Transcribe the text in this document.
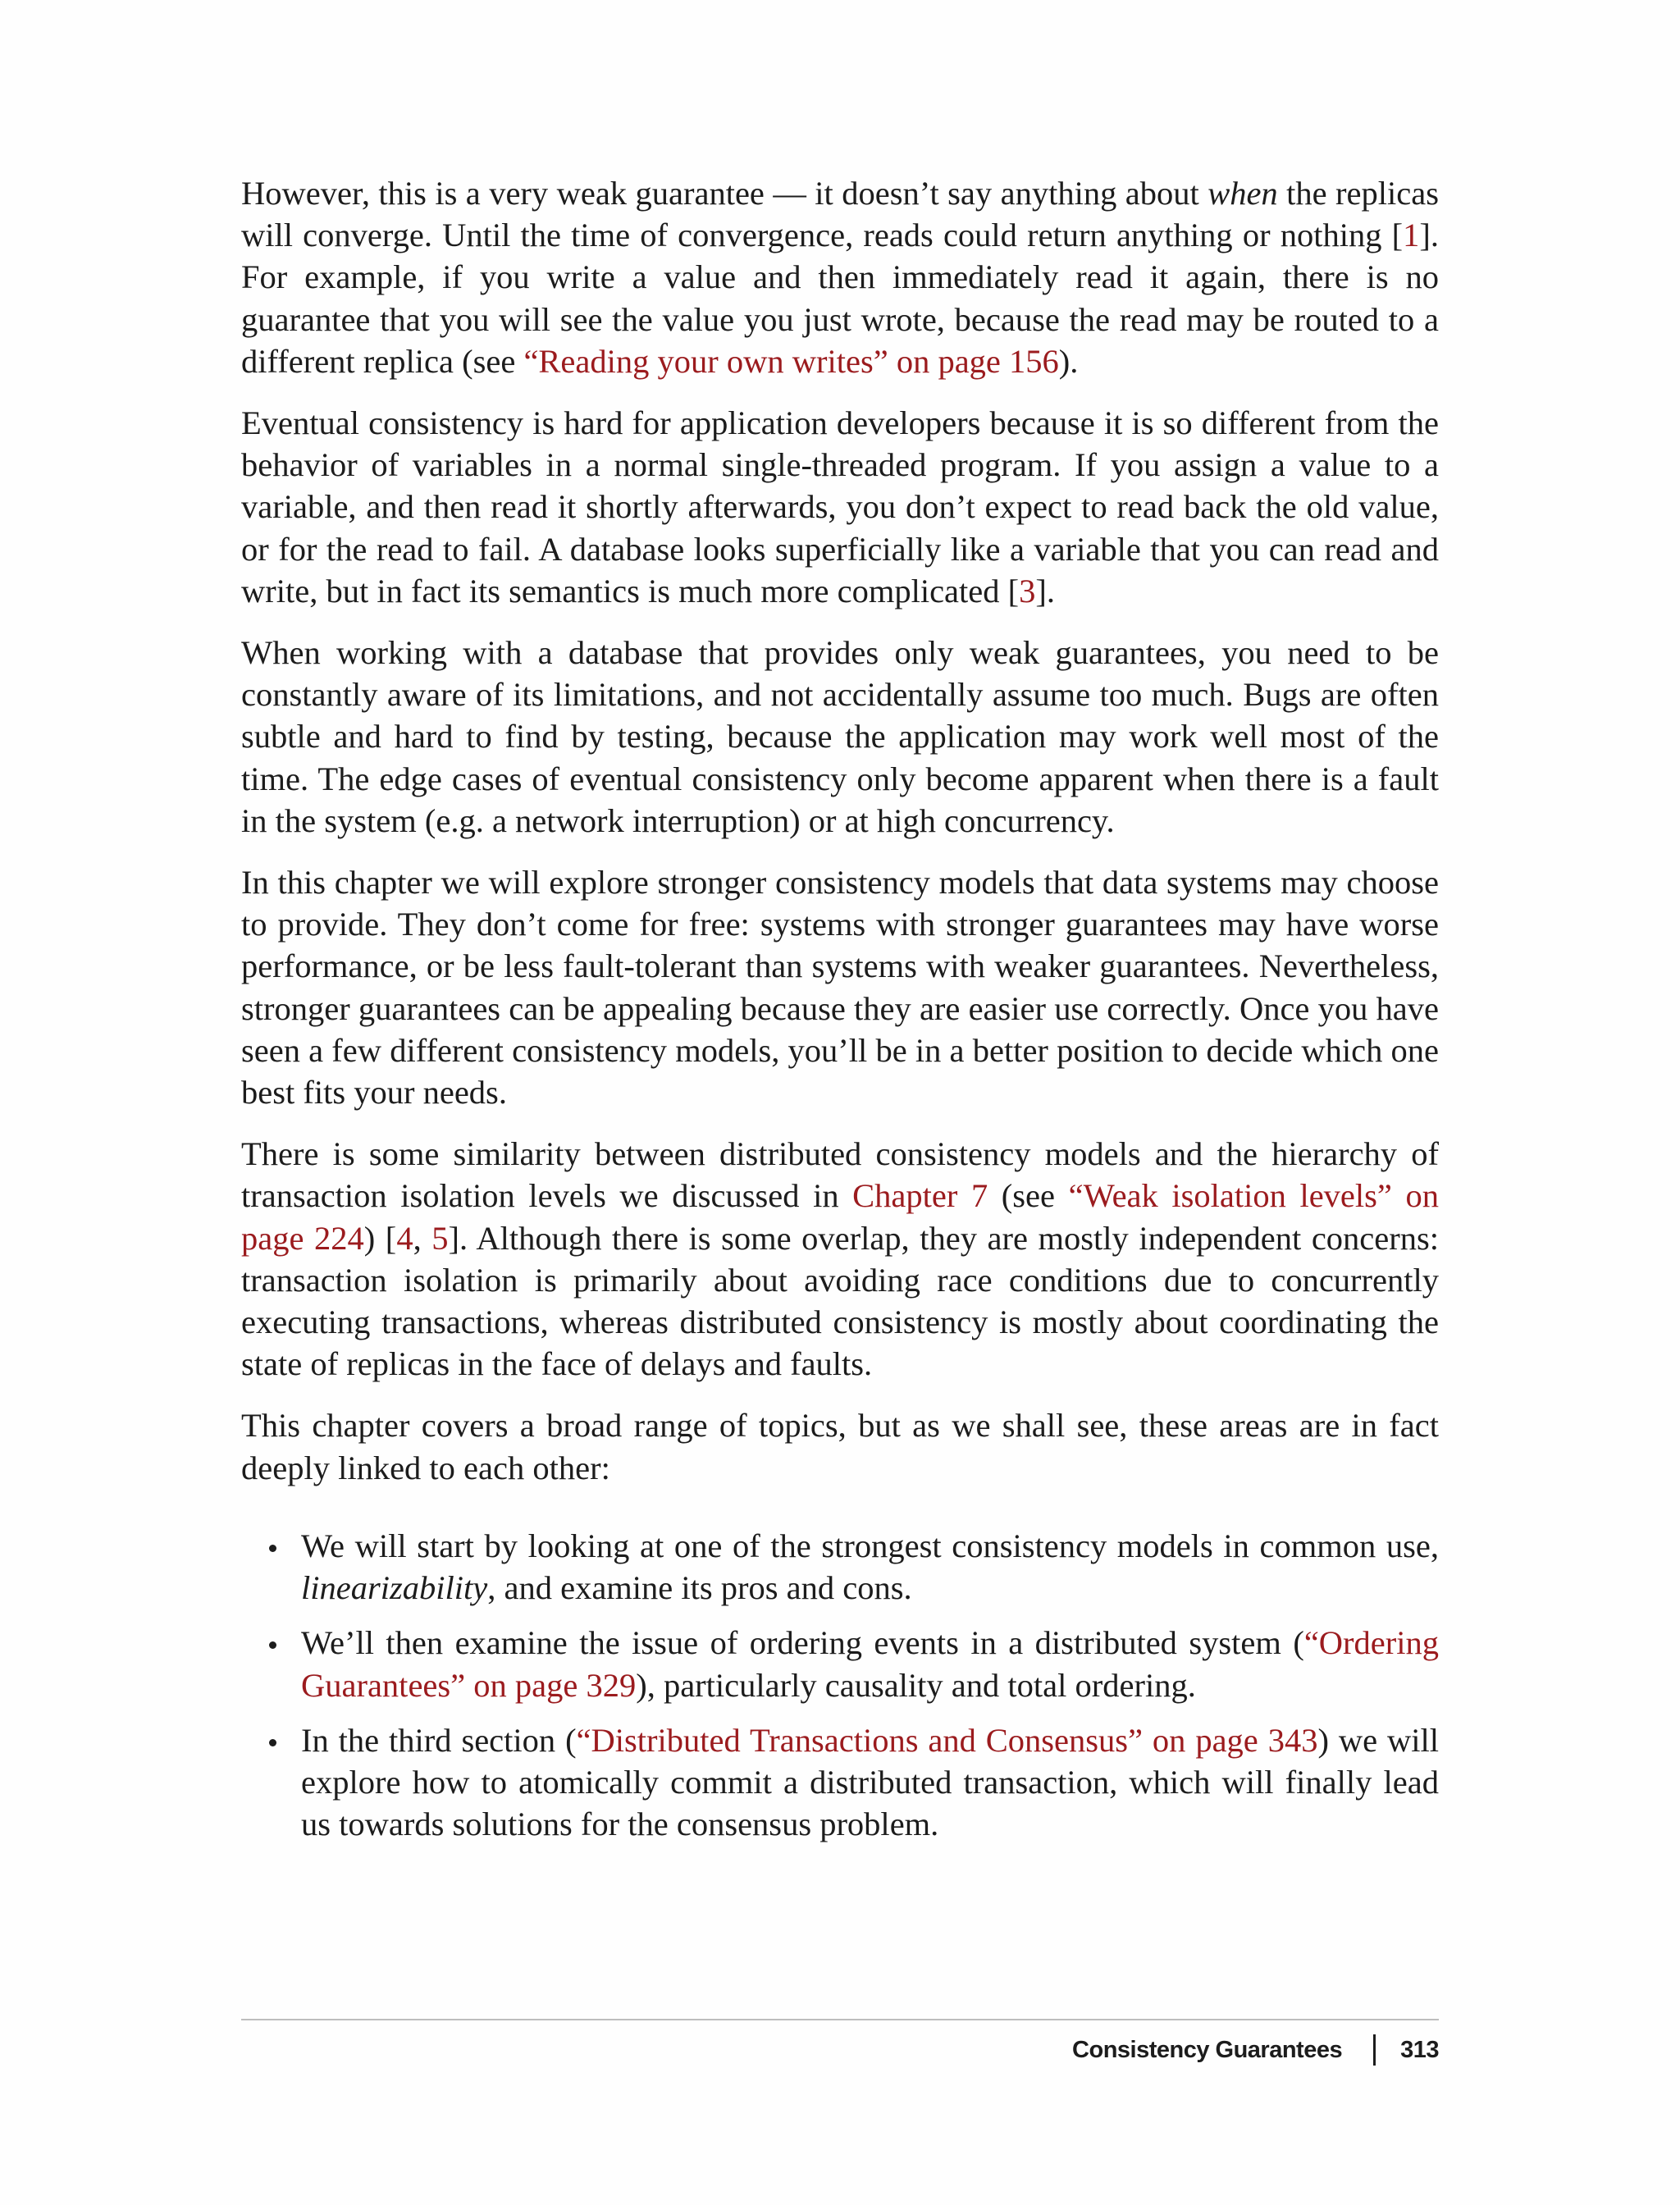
However, this is a very weak guarantee — it doesn’t say anything about when the replicas will converge. Until the time of convergence, reads could return anything or nothing [1]. For example, if you write a value and then immediately read it again, there is no guarantee that you will see the value you just wrote, because the read may be routed to a different replica (see “Reading your own writes” on page 156).

Eventual consistency is hard for application developers because it is so different from the behavior of variables in a normal single-threaded program. If you assign a value to a variable, and then read it shortly afterwards, you don’t expect to read back the old value, or for the read to fail. A database looks superficially like a variable that you can read and write, but in fact its semantics is much more complicated [3].

When working with a database that provides only weak guarantees, you need to be constantly aware of its limitations, and not accidentally assume too much. Bugs are often subtle and hard to find by testing, because the application may work well most of the time. The edge cases of eventual consistency only become apparent when there is a fault in the system (e.g. a network interruption) or at high concurrency.

In this chapter we will explore stronger consistency models that data systems may choose to provide. They don’t come for free: systems with stronger guarantees may have worse performance, or be less fault-tolerant than systems with weaker guarantees. Nevertheless, stronger guarantees can be appealing because they are easier use correctly. Once you have seen a few different consistency models, you’ll be in a better position to decide which one best fits your needs.

There is some similarity between distributed consistency models and the hierarchy of transaction isolation levels we discussed in Chapter 7 (see “Weak isolation levels” on page 224) [4, 5]. Although there is some overlap, they are mostly independent concerns: transaction isolation is primarily about avoiding race conditions due to concurrently executing transactions, whereas distributed consistency is mostly about coordinating the state of replicas in the face of delays and faults.

This chapter covers a broad range of topics, but as we shall see, these areas are in fact deeply linked to each other:

We will start by looking at one of the strongest consistency models in common use, linearizability, and examine its pros and cons.
We’ll then examine the issue of ordering events in a distributed system (“Ordering Guarantees” on page 329), particularly causality and total ordering.
In the third section (“Distributed Transactions and Consensus” on page 343) we will explore how to atomically commit a distributed transaction, which will finally lead us towards solutions for the consensus problem.
Consistency Guarantees 313
